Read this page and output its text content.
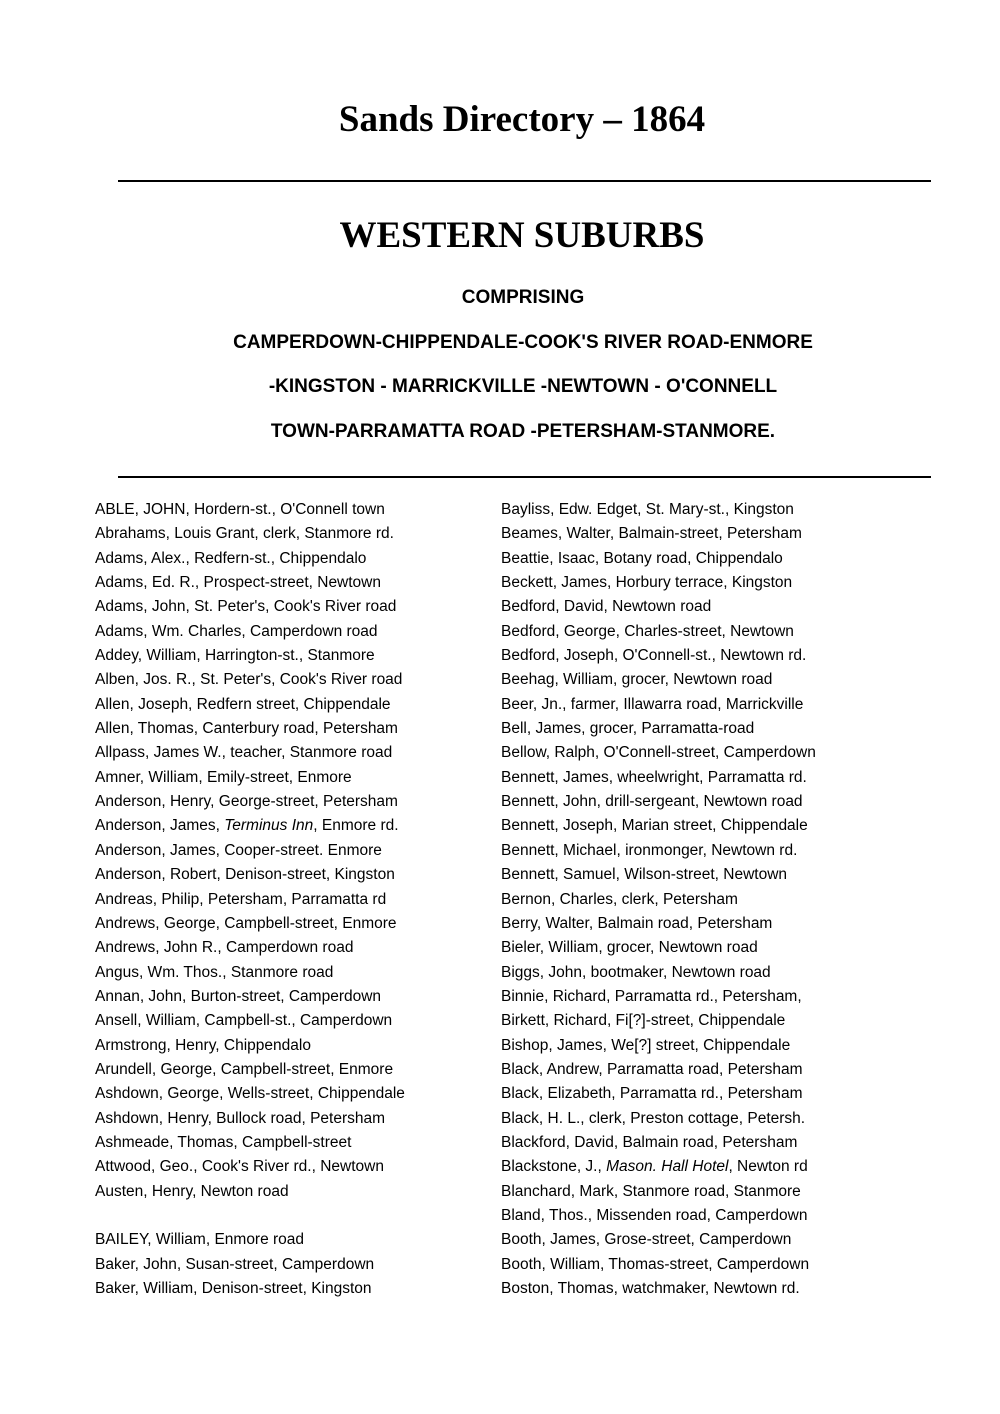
Sands Directory – 1864
WESTERN SUBURBS
COMPRISING
CAMPERDOWN-CHIPPENDALE-COOK'S RIVER ROAD-ENMORE
-KINGSTON - MARRICKVILLE -NEWTOWN - O'CONNELL
TOWN-PARRAMATTA ROAD -PETERSHAM-STANMORE.
ABLE, JOHN, Hordern-st., O'Connell town
Abrahams, Louis Grant, clerk, Stanmore rd.
Adams, Alex., Redfern-st., Chippendalo
Adams, Ed. R., Prospect-street, Newtown
Adams, John, St. Peter's, Cook's River road
Adams, Wm. Charles, Camperdown road
Addey, William, Harrington-st., Stanmore
Alben, Jos. R., St. Peter's, Cook's River road
Allen, Joseph, Redfern street, Chippendale
Allen, Thomas, Canterbury road, Petersham
Allpass, James W., teacher, Stanmore road
Amner, William, Emily-street, Enmore
Anderson, Henry, George-street, Petersham
Anderson, James, Terminus Inn, Enmore rd.
Anderson, James, Cooper-street. Enmore
Anderson, Robert, Denison-street, Kingston
Andreas, Philip, Petersham, Parramatta rd
Andrews, George, Campbell-street, Enmore
Andrews, John R., Camperdown road
Angus, Wm. Thos., Stanmore road
Annan, John, Burton-street, Camperdown
Ansell, William, Campbell-st., Camperdown
Armstrong, Henry, Chippendalo
Arundell, George, Campbell-street, Enmore
Ashdown, George, Wells-street, Chippendale
Ashdown, Henry, Bullock road, Petersham
Ashmeade, Thomas, Campbell-street
Attwood, Geo., Cook's River rd., Newtown
Austen, Henry, Newton road
BAILEY, William, Enmore road
Baker, John, Susan-street, Camperdown
Baker, William, Denison-street, Kingston
Bayliss, Edw. Edget, St. Mary-st., Kingston
Beames, Walter, Balmain-street, Petersham
Beattie, Isaac, Botany road, Chippendalo
Beckett, James, Horbury terrace, Kingston
Bedford, David, Newtown road
Bedford, George, Charles-street, Newtown
Bedford, Joseph, O'Connell-st., Newtown rd.
Beehag, William, grocer, Newtown road
Beer, Jn., farmer, Illawarra road, Marrickville
Bell, James, grocer, Parramatta-road
Bellow, Ralph, O'Connell-street, Camperdown
Bennett, James, wheelwright, Parramatta rd.
Bennett, John, drill-sergeant, Newtown road
Bennett, Joseph, Marian street, Chippendale
Bennett, Michael, ironmonger, Newtown rd.
Bennett, Samuel, Wilson-street, Newtown
Bernon, Charles, clerk, Petersham
Berry, Walter, Balmain road, Petersham
Bieler, William, grocer, Newtown road
Biggs, John, bootmaker, Newtown road
Binnie, Richard, Parramatta rd., Petersham,
Birkett, Richard, Fi[?]-street, Chippendale
Bishop, James, We[?] street, Chippendale
Black, Andrew, Parramatta road, Petersham
Black, Elizabeth, Parramatta rd., Petersham
Black, H. L., clerk, Preston cottage, Petersh.
Blackford, David, Balmain road, Petersham
Blackstone, J., Mason. Hall Hotel, Newton rd
Blanchard, Mark, Stanmore road, Stanmore
Bland, Thos., Missenden road, Camperdown
Booth, James, Grose-street, Camperdown
Booth, William, Thomas-street, Camperdown
Boston, Thomas, watchmaker, Newtown rd.
